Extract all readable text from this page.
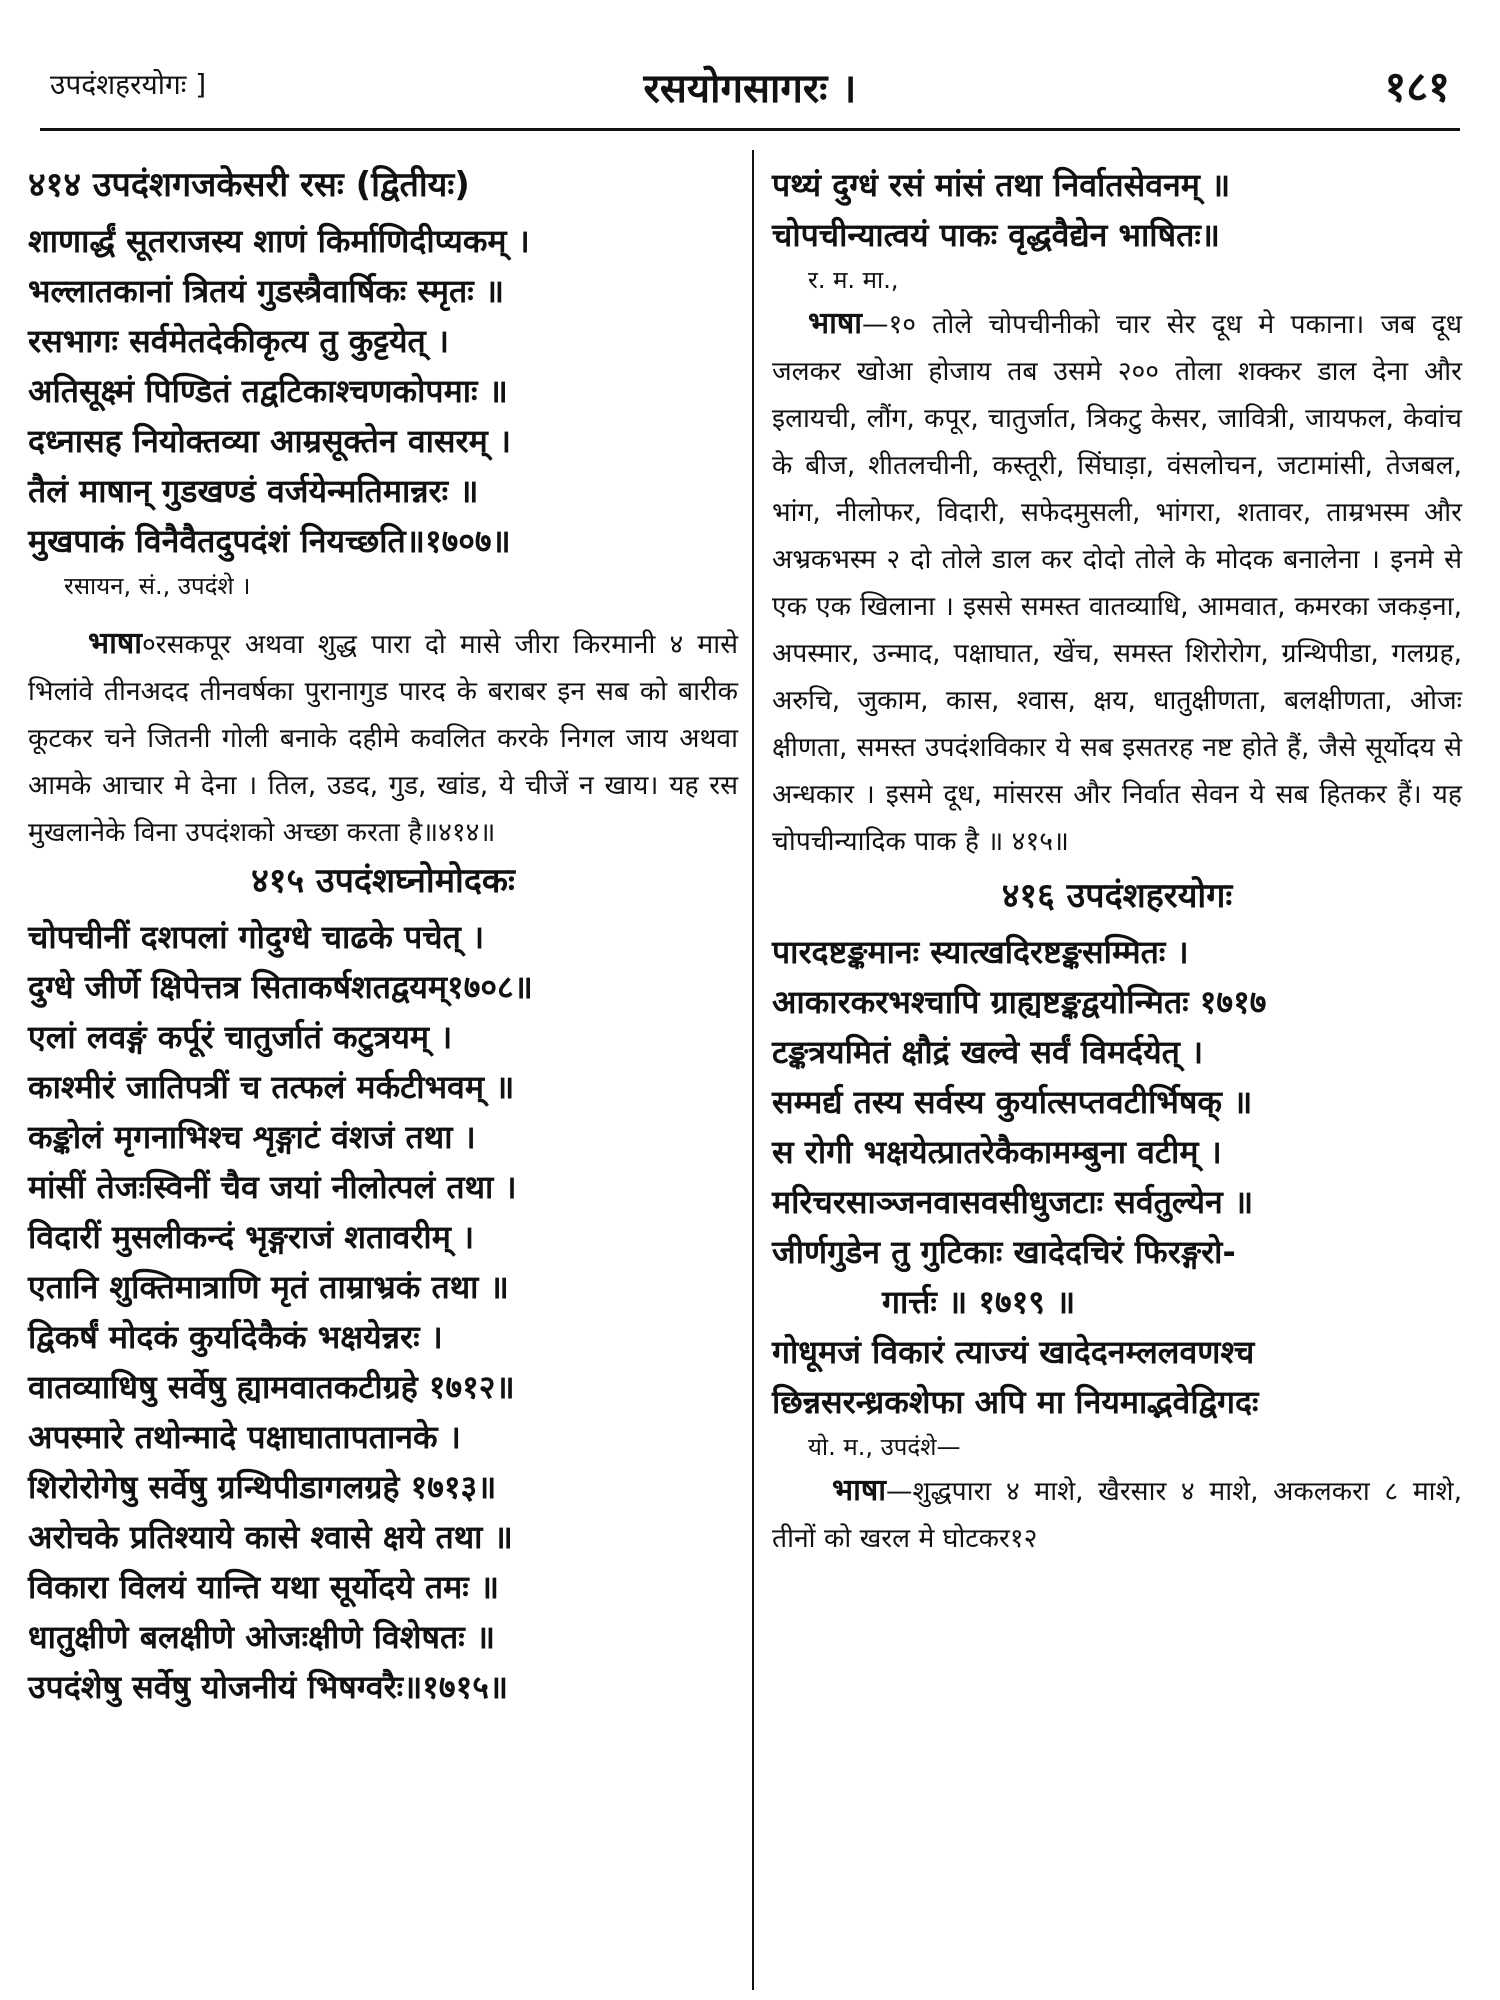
उपदंशहरयोगः ]	रसयोगसागरः ।	१८१
४१४ उपदंशगजकेसरी रसः (द्वितीयः)
शाणार्द्धं सूतराजस्य शाणं किर्माणिदीप्यकम् ।
भल्लातकानां त्रितयं गुडस्त्रैवार्षिकः स्मृतः ॥
रसभागः सर्वमेतदेकीकृत्य तु कुट्टयेत् ।
अतिसूक्ष्मं पिण्डितं तद्वटिकाश्चणकोपमाः ॥
दध्नासह नियोक्तव्या आम्रसूक्तेन वासरम् ।
तैलं माषान् गुडखण्डं वर्जयेन्मतिमान्नरः ॥
मुखपाकं विनैवैतदुपदंशं नियच्छति॥१७०७॥
रसायन, सं., उपदंशे ।
भाषा०रसकपूर अथवा शुद्ध पारा दो मासे जीरा किरमानी ४ मासे भिलांवे तीनअदद तीनवर्षका पुरानागुड पारद के बराबर इन सब को बारीक कूटकर चने जितनी गोली बनाके दहीमे कवलित करके निगल जाय अथवा आमके आचार मे देना । तिल, उडद, गुड, खांड, ये चीजें न खाय। यह रस मुखलानेके विना उपदंशको अच्छा करता है॥४१४॥
४१५ उपदंशघ्नोमोदकः
चोपचीनीं दशपलां गोदुग्धे चाढके पचेत् ।
दुग्धे जीर्णे क्षिपेत्तत्र सिताकर्षशतद्वयम्१७०८॥
एलां लवङ्गं कर्पूरं चातुर्जातं कटुत्रयम् ।
काश्मीरं जातिपत्रीं च तत्फलं मर्कटीभवम् ॥
कङ्कोलं मृगनाभिश्च शृङ्गाटं वंशजं तथा ।
मांसीं तेजःस्विनीं चैव जयां नीलोत्पलं तथा ।
विदारीं मुसलीकन्दं भृङ्गराजं शतावरीम् ।
एतानि शुक्तिमात्राणि मृतं ताम्राभ्रकं तथा ॥
द्विकर्षं मोदकं कुर्यादेकैकं भक्षयेन्नरः ।
वातव्याधिषु सर्वेषु ह्यामवातकटीग्रहे १७१२॥
अपस्मारे तथोन्मादे पक्षाघातापतानके ।
शिरोरोगेषु सर्वेषु ग्रन्थिपीडागलग्रहे १७१३॥
अरोचके प्रतिश्याये कासे श्वासे क्षये तथा ॥
विकारा विलयं यान्ति यथा सूर्योदये तमः ॥
धातुक्षीणे बलक्षीणे ओजःक्षीणे विशेषतः ॥
उपदंशेषु सर्वेषु योजनीयं भिषग्वरैः॥१७१५॥
पथ्यं दुग्धं रसं मांसं तथा निर्वातसेवनम् ॥
चोपचीन्यात्वयं पाकः वृद्धवैद्येन भाषितः॥
र. म. मा.,
भाषा—१० तोले चोपचीनीको चार सेर दूध मे पकाना। जब दूध जलकर खोआ होजाय तब उसमे २०० तोला शक्कर डाल देना और इलायची, लौंग, कपूर, चातुर्जात, त्रिकटु केसर, जावित्री, जायफल, केवांच के बीज, शीतलचीनी, कस्तूरी, सिंघाड़ा, वंसलोचन, जटामांसी, तेजबल, भांग, नीलोफर, विदारी, सफेदमुसली, भांगरा, शतावर, ताम्रभस्म और अभ्रकभस्म २ दो तोले डाल कर दोदो तोले के मोदक बनालेना । इनमे से एक एक खिलाना । इससे समस्त वातव्याधि, आमवात, कमरका जकड़ना, अपस्मार, उन्माद, पक्षाघात, खेंच, समस्त शिरोरोग, ग्रन्थिपीडा, गलग्रह, अरुचि, जुकाम, कास, श्वास, क्षय, धातुक्षीणता, बलक्षीणता, ओजः क्षीणता, समस्त उपदंशविकार ये सब इसतरह नष्ट होते हैं, जैसे सूर्योदय से अन्धकार । इसमे दूध, मांसरस और निर्वात सेवन ये सब हितकर हैं। यह चोपचीन्यादिक पाक है ॥ ४१५॥
४१६ उपदंशहरयोगः
पारदष्टङ्कमानः स्यात्खदिरष्टङ्कसम्मितः ।
आकारकरभश्चापि ग्राह्यष्टङ्कद्वयोन्मितः १७१७
टङ्कत्रयमितं क्षौद्रं खल्वे सर्वं विमर्दयेत् ।
सम्मर्द्य तस्य सर्वस्य कुर्यात्सप्तवटीर्भिषक् ॥
स रोगी भक्षयेत्प्रातरेकैकामम्बुना वटीम् ।
मरिचरसाञ्जनवासवसीधुजटाः सर्वतुल्येन ॥
जीर्णगुडेन तु गुटिकाः खादेदचिरं फिरङ्गरो-
गार्त्तः ॥ १७१९ ॥
गोधूमजं विकारं त्याज्यं खादेदनम्ललवणश्च
छिन्नसरन्ध्रकशेफा अपि मा नियमाद्भवेद्विगदः
यो. म., उपदंशे—
भाषा—शुद्धपारा ४ माशे, खैरसार ४ माशे, अकलकरा ८ माशे, तीनों को खरल मे घोटकर१२
